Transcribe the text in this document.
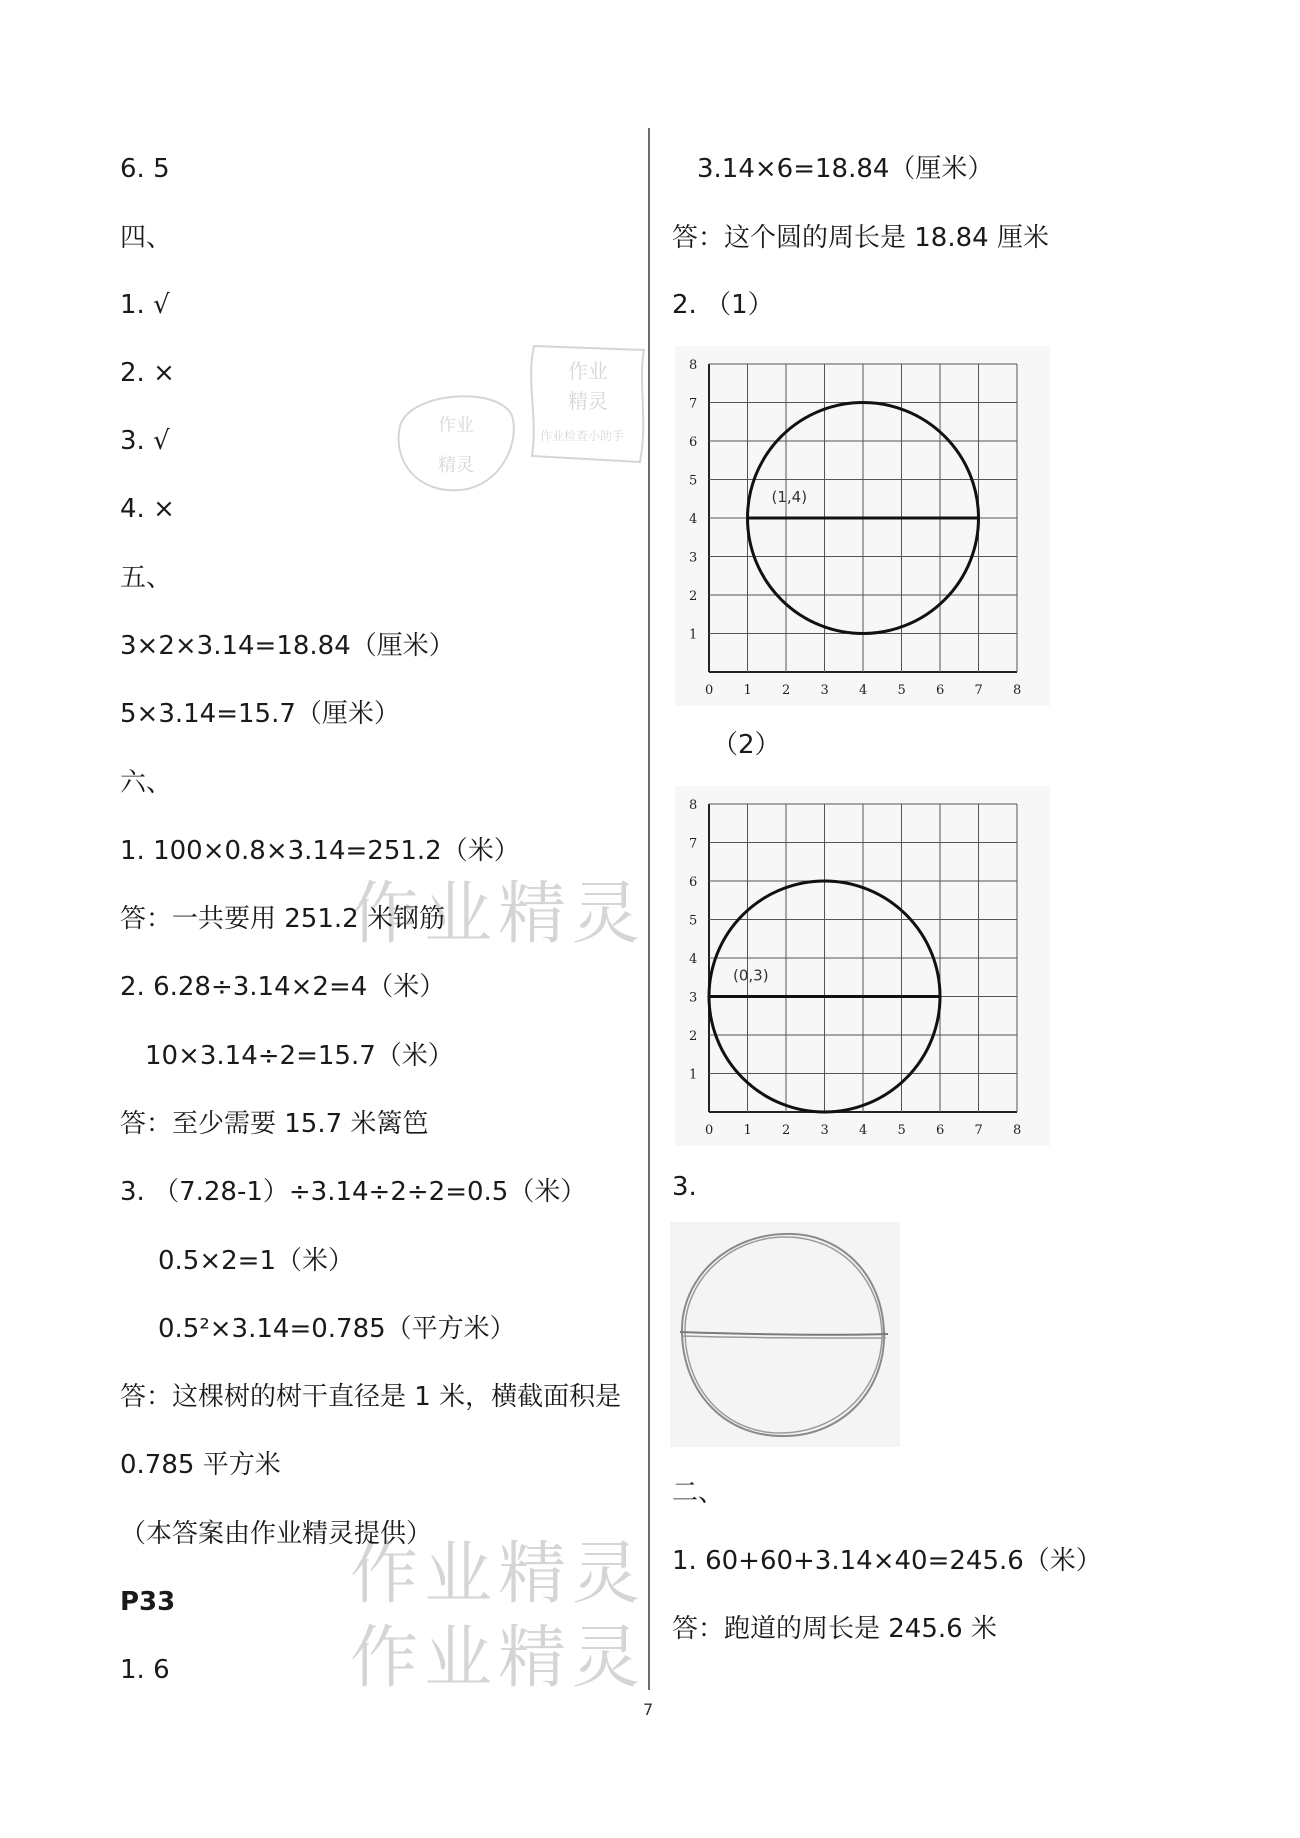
6. 5
四、
1. √
2. ×
3. √
4. ×
五、
3×2×3.14=18.84（厘米）
5×3.14=15.7（厘米）
六、
1. 100×0.8×3.14=251.2（米）
答：一共要用 251.2 米钢筋
2. 6.28÷3.14×2=4（米）
10×3.14÷2=15.7（米）
答：至少需要 15.7 米篱笆
3. （7.28-1）÷3.14÷2÷2=0.5（米）
0.5×2=1（米）
0.5²×3.14=0.785（平方米）
答：这棵树的树干直径是 1 米，横截面积是
0.785 平方米
（本答案由作业精灵提供）
P33
1. 6
3.14×6=18.84（厘米）
答：这个圆的周长是 18.84 厘米
2. （1）
0 1
1
2
2
3
3
4
4
5
5
6
6
7
7
8
8
(1,4)
（2）
0 1
1
2
2
3
3
4
4
5
5
6
6
7
7
8
8
(0,3)
3.
二、
1. 60+60+3.14×40=245.6（米）
答：跑道的周长是 245.6 米
作业
精灵
作业
精灵
作业检查小助手
作业精灵
作业精灵
作业精灵
7
